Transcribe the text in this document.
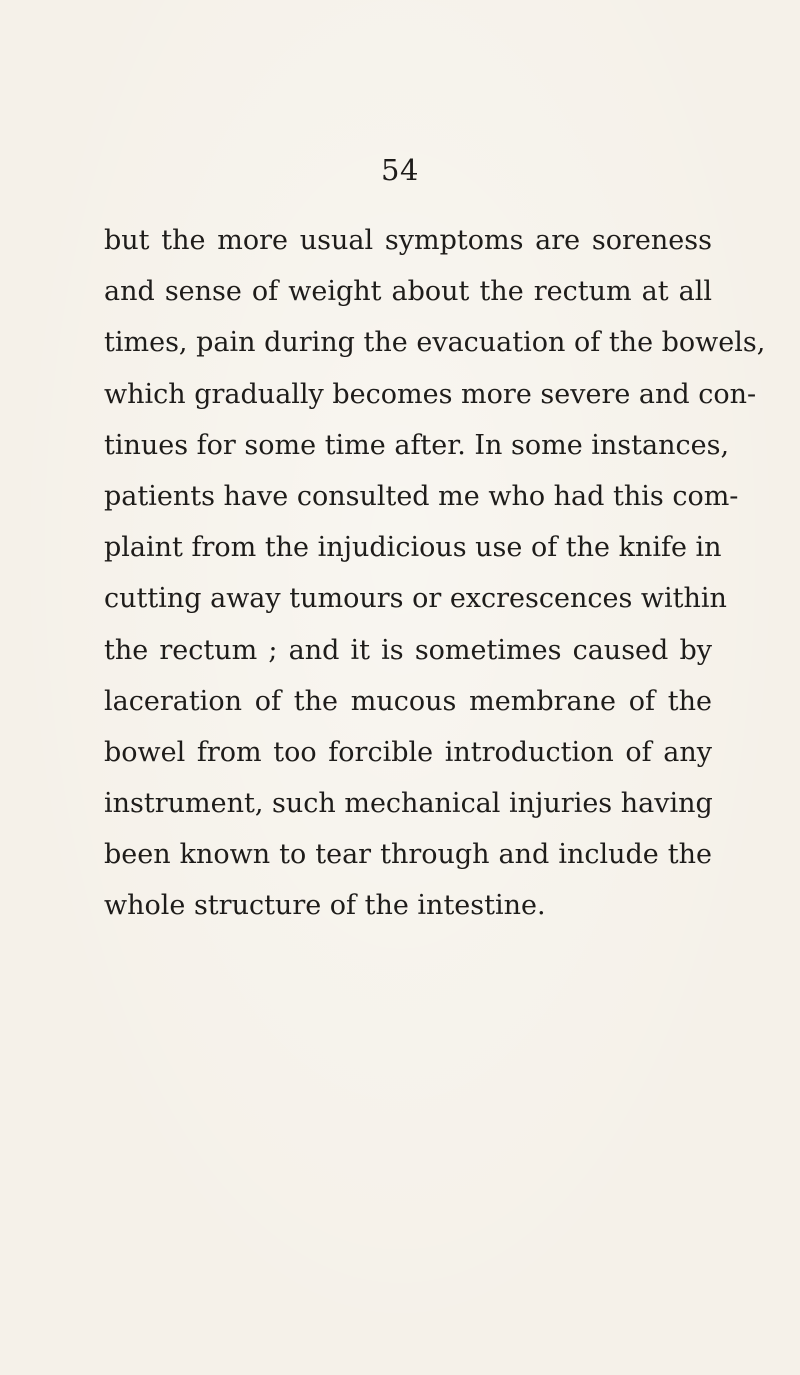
54
but the more usual symptoms are soreness
and sense of weight about the rectum at all
times, pain during the evacuation of the bowels,
which gradually becomes more severe and con-
tinues for some time after. In some instances,
patients have consulted me who had this com-
plaint from the injudicious use of the knife in
cutting away tumours or excrescences within
the rectum ; and it is sometimes caused by
laceration of the mucous membrane of the
bowel from too forcible introduction of any
instrument, such mechanical injuries having
been known to tear through and include the
whole structure of the intestine.
